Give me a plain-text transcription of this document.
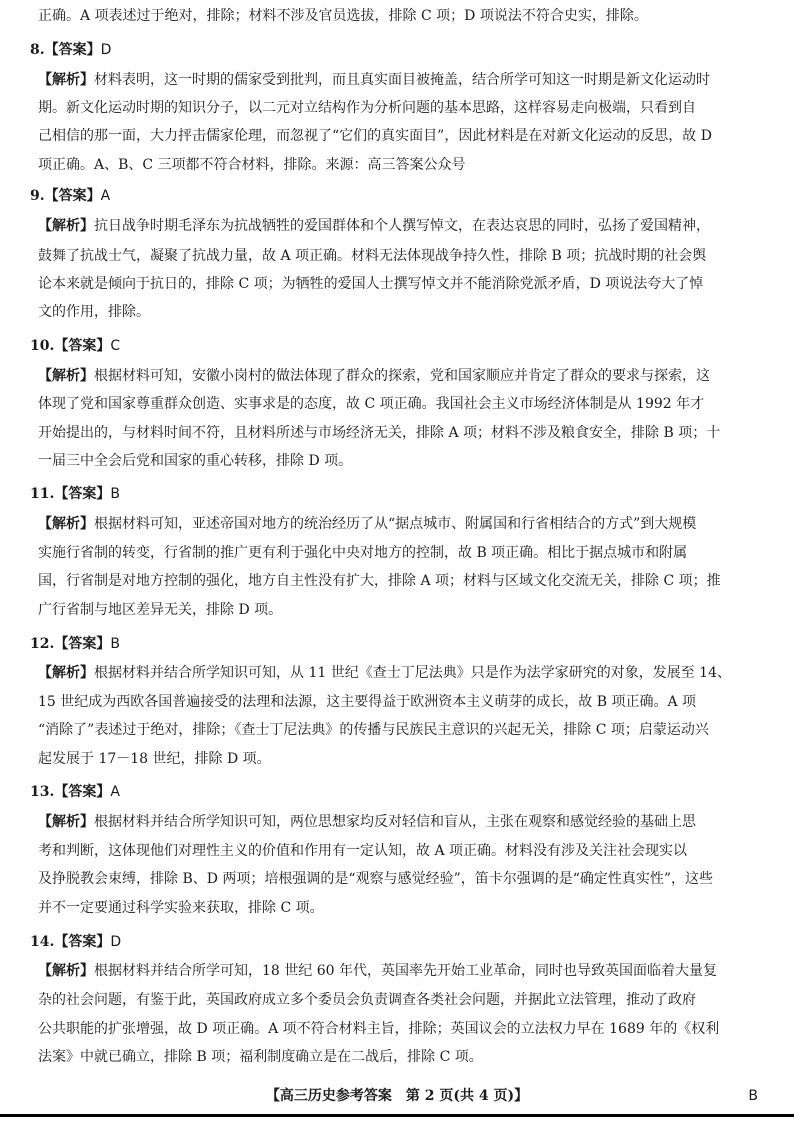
正确。A 项表述过于绝对，排除；材料不涉及官员选拔，排除 C 项；D 项说法不符合史实，排除。
8.【答案】D
【解析】材料表明，这一时期的儒家受到批判，而且真实面目被掩盖，结合所学可知这一时期是新文化运动时
期。新文化运动时期的知识分子，以二元对立结构作为分析问题的基本思路，这样容易走向极端，只看到自
己相信的那一面，大力抨击儒家伦理，而忽视了“它们的真实面目”，因此材料是在对新文化运动的反思，故 D
项正确。A、B、C 三项都不符合材料，排除。来源：高三答案公众号
9.【答案】A
【解析】抗日战争时期毛泽东为抗战牺牲的爱国群体和个人撰写悼文，在表达哀思的同时，弘扬了爱国精神，
鼓舞了抗战士气，凝聚了抗战力量，故 A 项正确。材料无法体现战争持久性，排除 B 项；抗战时期的社会舆
论本来就是倾向于抗日的，排除 C 项；为牺牲的爱国人士撰写悼文并不能消除党派矛盾，D 项说法夸大了悼
文的作用，排除。
10.【答案】C
【解析】根据材料可知，安徽小岗村的做法体现了群众的探索，党和国家顺应并肯定了群众的要求与探索，这
体现了党和国家尊重群众创造、实事求是的态度，故 C 项正确。我国社会主义市场经济体制是从 1992 年才
开始提出的，与材料时间不符，且材料所述与市场经济无关，排除 A 项；材料不涉及粮食安全，排除 B 项；十
一届三中全会后党和国家的重心转移，排除 D 项。
11.【答案】B
【解析】根据材料可知，亚述帝国对地方的统治经历了从“据点城市、附属国和行省相结合的方式”到大规模
实施行省制的转变，行省制的推广更有利于强化中央对地方的控制，故 B 项正确。相比于据点城市和附属
国，行省制是对地方控制的强化，地方自主性没有扩大，排除 A 项；材料与区域文化交流无关，排除 C 项；推
广行省制与地区差异无关，排除 D 项。
12.【答案】B
【解析】根据材料并结合所学知识可知，从 11 世纪《查士丁尼法典》只是作为法学家研究的对象，发展至 14、
15 世纪成为西欧各国普遍接受的法理和法源，这主要得益于欧洲资本主义萌芽的成长，故 B 项正确。A 项
“消除了”表述过于绝对，排除；《查士丁尼法典》的传播与民族民主意识的兴起无关，排除 C 项；启蒙运动兴
起发展于 17－18 世纪，排除 D 项。
13.【答案】A
【解析】根据材料并结合所学知识可知，两位思想家均反对轻信和盲从，主张在观察和感觉经验的基础上思
考和判断，这体现他们对理性主义的价值和作用有一定认知，故 A 项正确。材料没有涉及关注社会现实以
及挣脱教会束缚，排除 B、D 两项；培根强调的是“观察与感觉经验”，笛卡尔强调的是“确定性真实性”，这些
并不一定要通过科学实验来获取，排除 C 项。
14.【答案】D
【解析】根据材料并结合所学可知，18 世纪 60 年代，英国率先开始工业革命，同时也导致英国面临着大量复
杂的社会问题，有鉴于此，英国政府成立多个委员会负责调查各类社会问题，并据此立法管理，推动了政府
公共职能的扩张增强，故 D 项正确。A 项不符合材料主旨，排除；英国议会的立法权力早在 1689 年的《权利
法案》中就已确立，排除 B 项；福利制度确立是在二战后，排除 C 项。
【高三历史参考答案　第 2 页(共 4 页)】	B
